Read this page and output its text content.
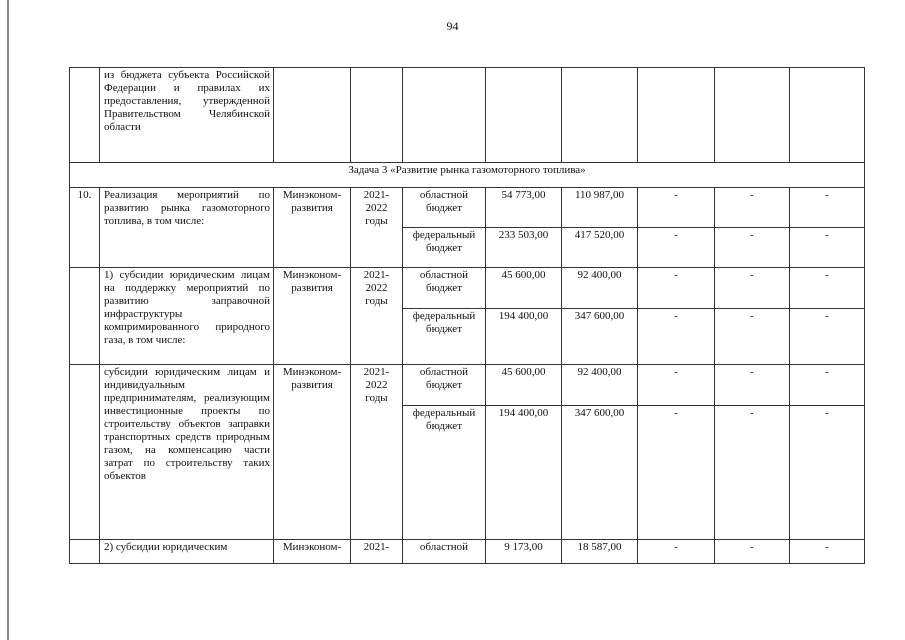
94
	из бюджета субъекта Российской Федерации и правилах их предоставления, утвержденной Правительством Челябинской области								
Задача 3 «Развитие рынка газомоторного топлива»									
10.	Реализация мероприятий по развитию рынка газомоторного топлива, в том числе:	Минэконом-развития	2021-2022 годы	областной бюджет	54 773,00	110 987,00	-	-	-
				федеральный бюджет	233 503,00	417 520,00	-	-	-
	1) субсидии юридическим лицам на поддержку мероприятий по развитию заправочной инфраструктуры компримированного природного газа, в том числе:	Минэконом-развития	2021-2022 годы	областной бюджет	45 600,00	92 400,00	-	-	-
				федеральный бюджет	194 400,00	347 600,00	-	-	-
	субсидии юридическим лицам и индивидуальным предпринимателям, реализующим инвестиционные проекты по строительству объектов заправки транспортных средств природным газом, на компенсацию части затрат по строительству таких объектов	Минэконом-развития	2021-2022 годы	областной бюджет	45 600,00	92 400,00	-	-	-
				федеральный бюджет	194 400,00	347 600,00	-	-	-
	2) субсидии юридическим	Минэконом-	2021-	областной	9 173,00	18 587,00	-	-	-
